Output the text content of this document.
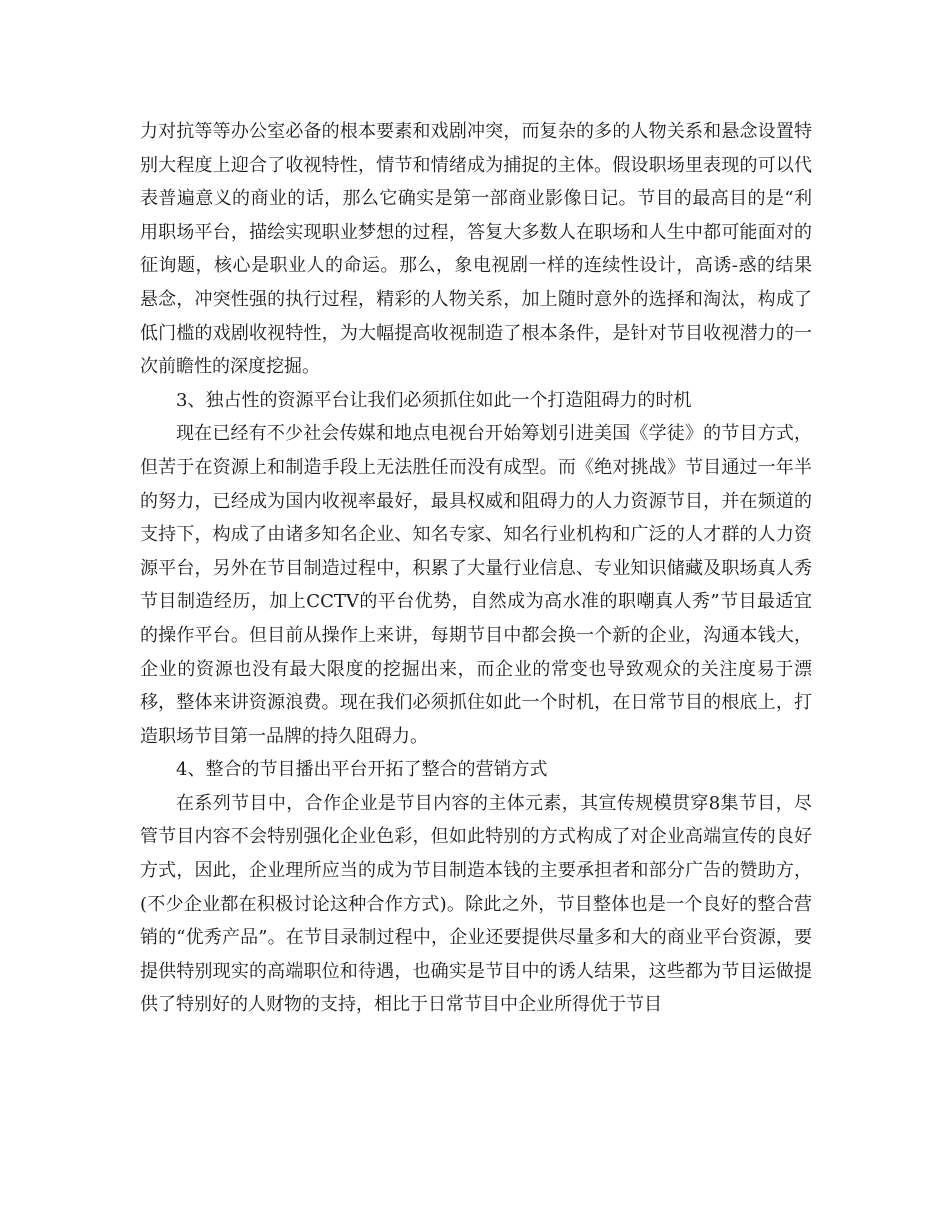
力对抗等等办公室必备的根本要素和戏剧冲突，而复杂的多的人物关系和悬念设置特别大程度上迎合了收视特性，情节和情绪成为捕捉的主体。假设职场里表现的可以代表普遍意义的商业的话，那么它确实是第一部商业影像日记。节目的最高目的是“利用职场平台，描绘实现职业梦想的过程，答复大多数人在职场和人生中都可能面对的征询题，核心是职业人的命运。那么，象电视剧一样的连续性设计，高诱-惑的结果悬念，冲突性强的执行过程，精彩的人物关系，加上随时意外的选择和淘汰，构成了低门槛的戏剧收视特性，为大幅提高收视制造了根本条件，是针对节目收视潜力的一次前瞻性的深度挖掘。

3、独占性的资源平台让我们必须抓住如此一个打造阻碍力的时机

现在已经有不少社会传媒和地点电视台开始筹划引进美国《学徒》的节目方式，但苦于在资源上和制造手段上无法胜任而没有成型。而《绝对挑战》节目通过一年半的努力，已经成为国内收视率最好，最具权威和阻碍力的人力资源节目，并在频道的支持下，构成了由诸多知名企业、知名专家、知名行业机构和广泛的人才群的人力资源平台，另外在节目制造过程中，积累了大量行业信息、专业知识储藏及职场真人秀节目制造经历，加上CCTV的平台优势，自然成为高水准的职嘲真人秀”节目最适宜的操作平台。但目前从操作上来讲，每期节目中都会换一个新的企业，沟通本钱大，企业的资源也没有最大限度的挖掘出来，而企业的常变也导致观众的关注度易于漂移，整体来讲资源浪费。现在我们必须抓住如此一个时机，在日常节目的根底上，打造职场节目第一品牌的持久阻碍力。

4、整合的节目播出平台开拓了整合的营销方式

在系列节目中，合作企业是节目内容的主体元素，其宣传规模贯穿8集节目，尽管节目内容不会特别强化企业色彩，但如此特别的方式构成了对企业高端宣传的良好方式，因此，企业理所应当的成为节目制造本钱的主要承担者和部分广告的赞助方，(不少企业都在积极讨论这种合作方式)。除此之外，节目整体也是一个良好的整合营销的“优秀产品”。在节目录制过程中，企业还要提供尽量多和大的商业平台资源，要提供特别现实的高端职位和待遇，也确实是节目中的诱人结果，这些都为节目运做提供了特别好的人财物的支持，相比于日常节目中企业所得优于节目
